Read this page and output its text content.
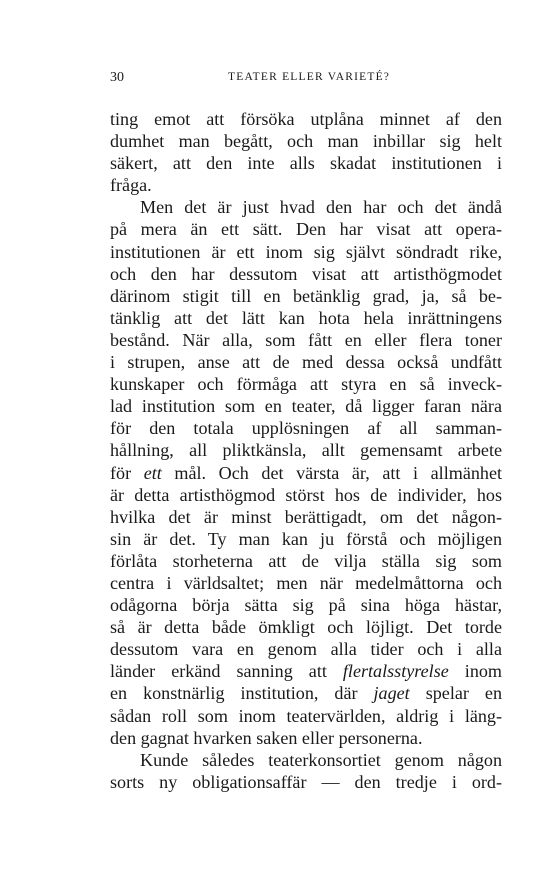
30	TEATER ELLER VARIETÉ?
ting emot att försöka utplåna minnet af den
dumhet man begått, och man inbillar sig helt
säkert, att den inte alls skadat institutionen i
fråga.
Men det är just hvad den har och det ändå
på mera än ett sätt. Den har visat att opera-
institutionen är ett inom sig självt söndradt rike,
och den har dessutom visat att artisthögmodet
därinom stigit till en betänklig grad, ja, så be-
tänklig att det lätt kan hota hela inrättningens
bestånd. När alla, som fått en eller flera toner
i strupen, anse att de med dessa också undfått
kunskaper och förmåga att styra en så inveck-
lad institution som en teater, då ligger faran nära
för den totala upplösningen af all samman-
hållning, all pliktkänsla, allt gemensamt arbete
för ett mål. Och det värsta är, att i allmänhet
är detta artisthögmod störst hos de individer, hos
hvilka det är minst berättigadt, om det någon-
sin är det. Ty man kan ju förstå och möjligen
förlåta storheterna att de vilja ställa sig som
centra i världsaltet; men när medelmåttorna och
odågorna börja sätta sig på sina höga hästar,
så är detta både ömkligt och löjligt. Det torde
dessutom vara en genom alla tider och i alla
länder erkänd sanning att flertalsstyrelse inom
en konstnärlig institution, där jaget spelar en
sådan roll som inom teatervärlden, aldrig i läng-
den gagnat hvarken saken eller personerna.
Kunde således teaterkonsortiet genom någon
sorts ny obligationsaffär — den tredje i ord-
